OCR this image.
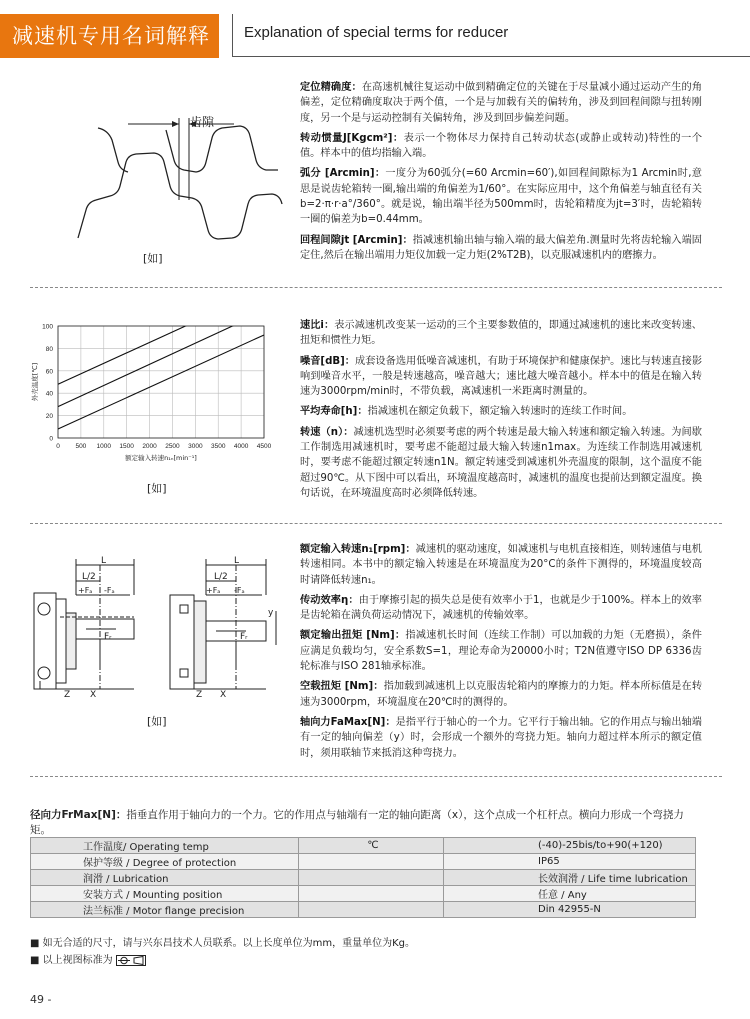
减速机专用名词解释	Explanation of special terms for reducer
齿隙
[如]

定位精确度：在高速机械往复运动中做到精确定位的关键在于尽量减小通过运动产生的角偏差，定位精确度取决于两个值，一个是与加载有关的偏转角，涉及到回程间隙与扭转刚度，另一个是与运动控制有关偏转角，涉及到回步偏差问题。

转动惯量J[Kgcm²]：表示一个物体尽力保持自己转动状态(或静止或转动)特性的一个值。样本中的值均指输入端。

弧分 [Arcmin]：一度分为60弧分(=60 Arcmin=60′),如回程间隙标为1 Arcmin时,意思是说齿轮箱转一圈,输出端的角偏差为1/60°。在实际应用中，这个角偏差与轴直径有关b=2·π·r·a°/360°。就是说，输出端半径为500mm时，齿轮箱精度为jt=3′时，齿轮箱转一圈的偏差为b=0.44mm。

回程间隙jt [Arcmin]：指减速机输出轴与输入端的最大偏差角.测量时先将齿轮输入端固定住,然后在输出端用力矩仪加载一定力矩(2%T2B)，以克服减速机内的磨擦力。

0 500 1000 1500 2000 2500 3000 3500 4000 4500
0
20
40
60
80
100
额定输入转速n₁ₙ[min⁻¹]
外壳温度[℃]
[如]

速比i：表示减速机改变某一运动的三个主要参数值的，即通过减速机的速比来改变转速、扭矩和惯性力矩。

噪音[dB]：成套设备选用低噪音减速机，有助于环境保护和健康保护。速比与转速直接影响到噪音水平，一般是转速越高，噪音越大；速比越大噪音越小。样本中的值是在输入转速为3000rpm/min时，不带负载，离减速机一米距离时测量的。

平均寿命[h]：指减速机在额定负载下，额定输入转速时的连续工作时间。

转速（n）：减速机选型时必须要考虑的两个转速是最大输入转速和额定输入转速。为间歇工作制选用减速机时，要考虑不能超过最大输入转速n1max。为连续工作制选用减速机时，要考虑不能超过额定转速n1N。额定转速受到减速机外壳温度的限制，这个温度不能超过90℃。从下图中可以看出，环境温度越高时，减速机的温度也提前达到额定温度。换句话说，在环境温度高时必须降低转速。

L
L/2
+Fₐ -Fₐ
Fᵣ
Z X
L
L/2
+Fₐ -Fₐ
Fᵣ
y
Z X
[如]

额定输入转速n₁[rpm]：减速机的驱动速度，如减速机与电机直接相连，则转速值与电机转速相同。本书中的额定输入转速是在环境温度为20°C的条件下测得的，环境温度较高时请降低转速n₁。

传动效率η：由于摩擦引起的损失总是使有效率小于1，也就是少于100%。样本上的效率是齿轮箱在满负荷运动情况下，减速机的传输效率。

额定输出扭矩 [Nm]：指减速机长时间（连续工作制）可以加载的力矩（无磨损），条件应满足负载均匀，安全系数S=1，理论寿命为20000小时；T2N值遵守ISO DP 6336齿轮标准与ISO 281轴承标准。

空载扭矩 [Nm]：指加载到减速机上以克服齿轮箱内的摩擦力的力矩。样本所标值是在转速为3000rpm，环境温度在20℃时的测得的。

轴向力FaMax[N]：是指平行于轴心的一个力。它平行于输出轴。它的作用点与输出轴端有一定的轴向偏差（y）时，会形成一个额外的弯挠力矩。轴向力超过样本所示的额定值时，须用联轴节来抵消这种弯挠力。

径向力FrMax[N]：指垂直作用于轴向力的一个力。它的作用点与轴端有一定的轴向距离（x），这个点成一个杠杆点。横向力形成一个弯挠力矩。
工作温度/ Operating temp	℃	(-40)-25bis/to+90(+120)
保护等级 / Degree of protection		IP65
润滑 / Lubrication		长效润滑 / Life time lubrication
安装方式 / Mounting position		任意 / Any
法兰标准 / Motor flange precision		Din 42955-N
■ 如无合适的尺寸，请与兴东昌技术人员联系。以上长度单位为mm，重量单位为Kg。
■ 以上视图标准为
49 -
